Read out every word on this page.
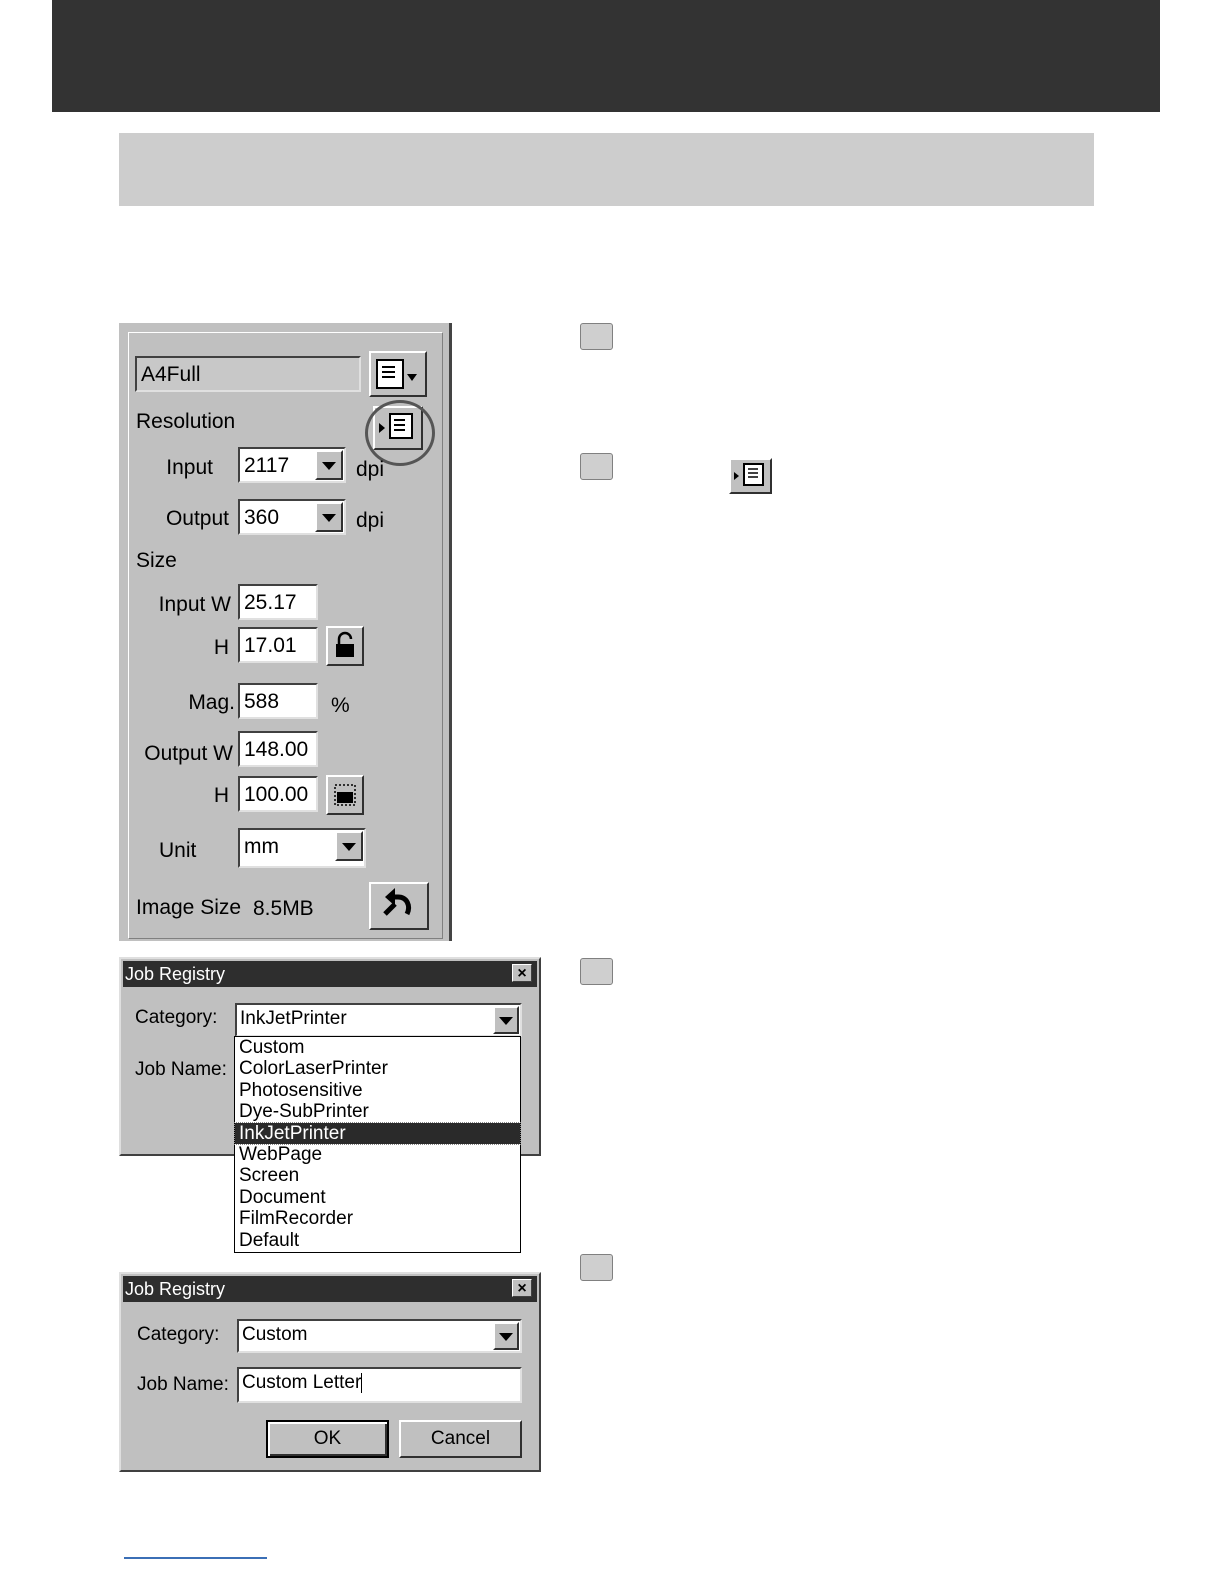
A4Full
Resolution
Input 2117	dpi
Output 360	dpi
Size
Input W 25.17
H 17.01
Mag. 588	%
Output W 148.00
H 100.00
Unit mm
Image Size 8.5MB
Job Registry	×
Category: InkJetPrinter
Job Name:
Custom
ColorLaserPrinter
Photosensitive
Dye-SubPrinter
InkJetPrinter
WebPage
Screen
Document
FilmRecorder
Default
Job Registry	×
Category: Custom
Job Name: Custom Letter
OK	Cancel
